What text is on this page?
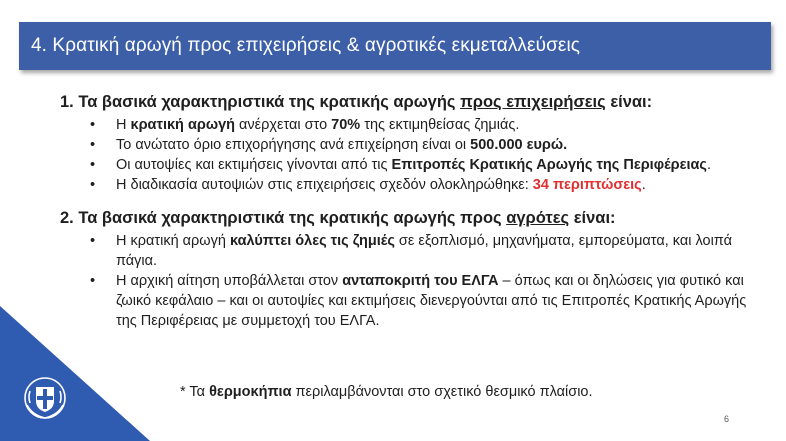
4. Κρατική αρωγή προς επιχειρήσεις & αγροτικές εκμεταλλεύσεις
1. Τα βασικά χαρακτηριστικά της κρατικής αρωγής προς επιχειρήσεις είναι:
• Η κρατική αρωγή ανέρχεται στο 70% της εκτιμηθείσας ζημιάς.
• Το ανώτατο όριο επιχορήγησης ανά επιχείρηση είναι οι 500.000 ευρώ.
• Οι αυτοψίες και εκτιμήσεις γίνονται από τις Επιτροπές Κρατικής Αρωγής της Περιφέρειας.
• Η διαδικασία αυτοψιών στις επιχειρήσεις σχεδόν ολοκληρώθηκε: 34 περιπτώσεις.
2. Τα βασικά χαρακτηριστικά της κρατικής αρωγής προς αγρότες είναι:
• Η κρατική αρωγή καλύπτει όλες τις ζημιές σε εξοπλισμό, μηχανήματα, εμπορεύματα, και λοιπά πάγια.
• Η αρχική αίτηση υποβάλλεται στον ανταποκριτή του ΕΛΓΑ – όπως και οι δηλώσεις για φυτικό και ζωικό κεφάλαιο – και οι αυτοψίες και εκτιμήσεις διενεργούνται από τις Επιτροπές Κρατικής Αρωγής της Περιφέρειας με συμμετοχή του ΕΛΓΑ.
* Τα θερμοκήπια περιλαμβάνονται στο σχετικό θεσμικό πλαίσιο.
6
